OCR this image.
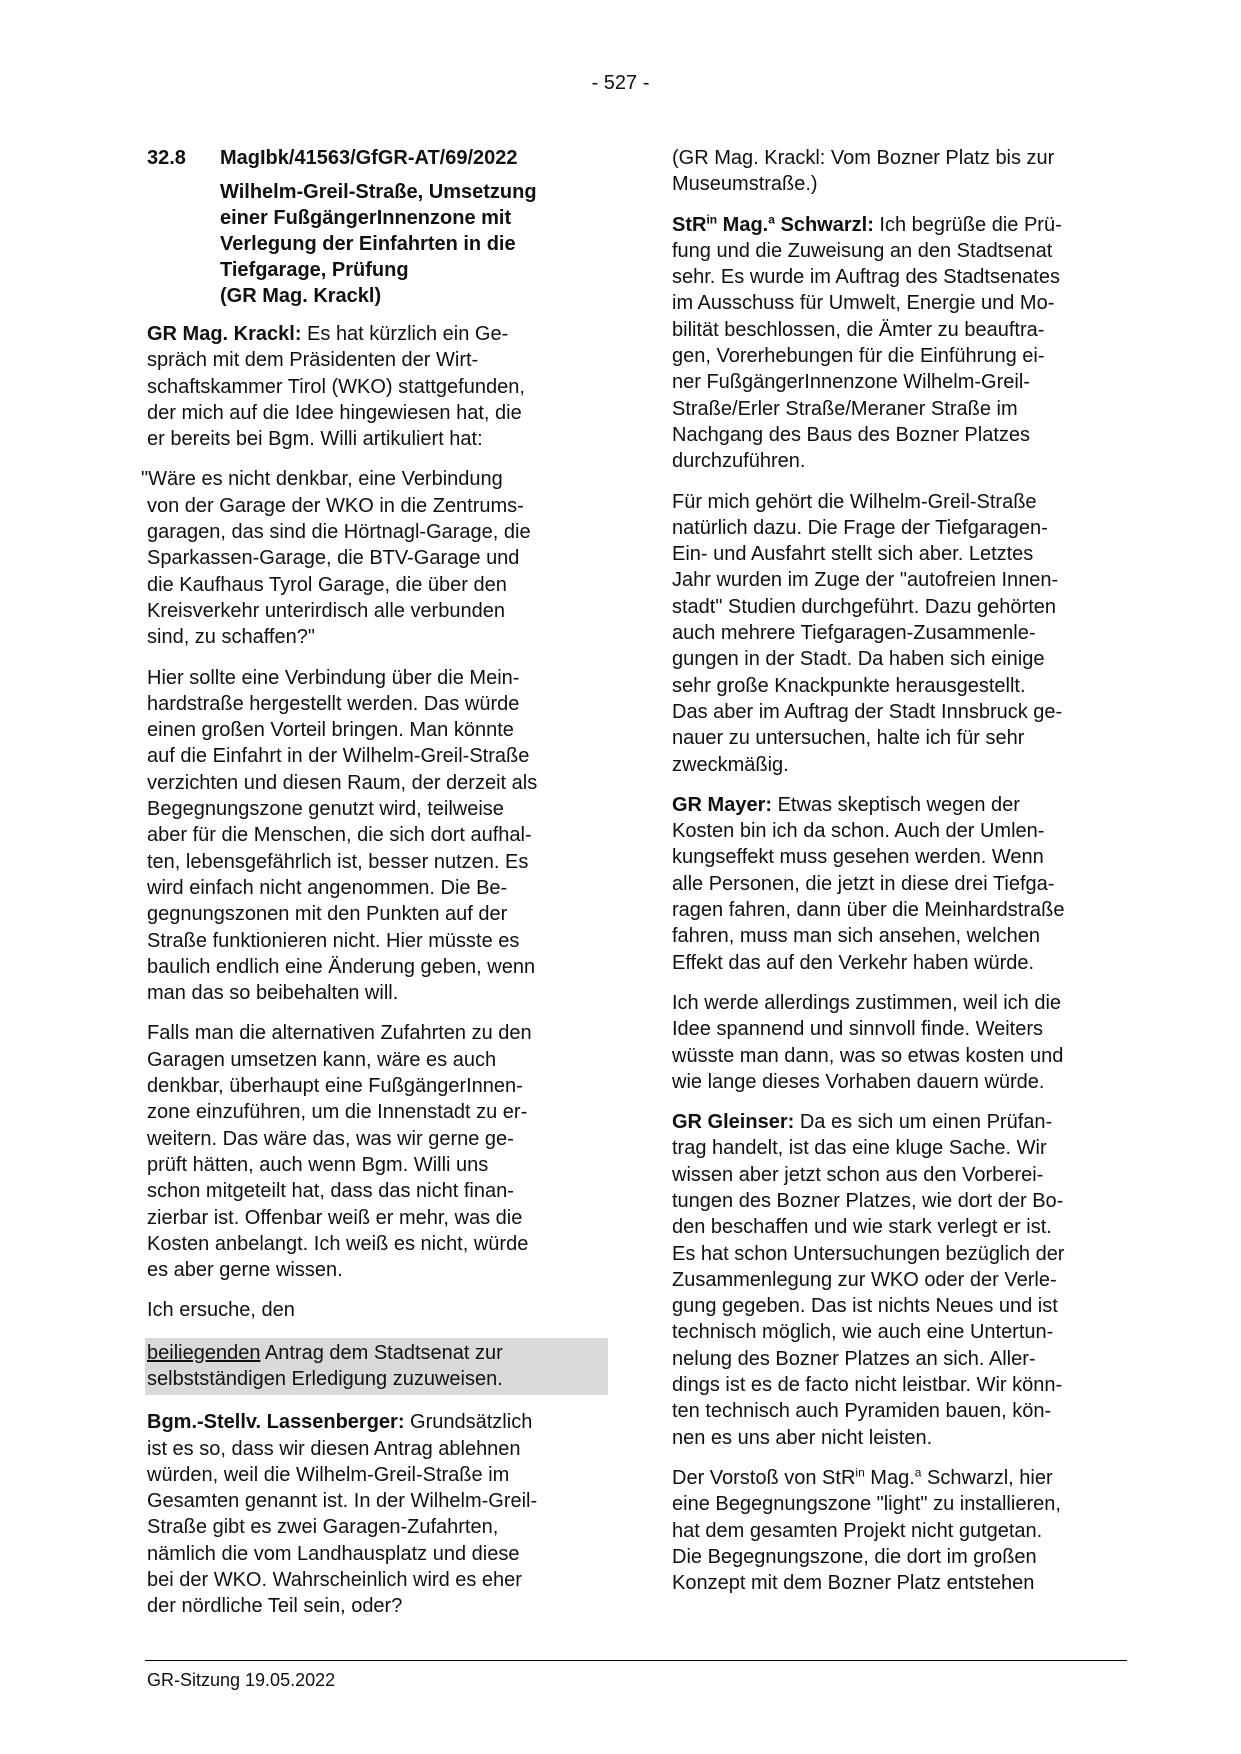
- 527 -
32.8	MagIbk/41563/GfGR-AT/69/2022
Wilhelm-Greil-Straße, Umsetzung
einer FußgängerInnenzone mit
Verlegung der Einfahrten in die
Tiefgarage, Prüfung
(GR Mag. Krackl)

GR Mag. Krackl: Es hat kürzlich ein Ge-
spräch mit dem Präsidenten der Wirt-
schaftskammer Tirol (WKO) stattgefunden,
der mich auf die Idee hingewiesen hat, die
er bereits bei Bgm. Willi artikuliert hat:

"Wäre es nicht denkbar, eine Verbindung
von der Garage der WKO in die Zentrums-
garagen, das sind die Hörtnagl-Garage, die
Sparkassen-Garage, die BTV-Garage und
die Kaufhaus Tyrol Garage, die über den
Kreisverkehr unterirdisch alle verbunden
sind, zu schaffen?"

Hier sollte eine Verbindung über die Mein-
hardstraße hergestellt werden. Das würde
einen großen Vorteil bringen. Man könnte
auf die Einfahrt in der Wilhelm-Greil-Straße
verzichten und diesen Raum, der derzeit als
Begegnungszone genutzt wird, teilweise
aber für die Menschen, die sich dort aufhal-
ten, lebensgefährlich ist, besser nutzen. Es
wird einfach nicht angenommen. Die Be-
gegnungszonen mit den Punkten auf der
Straße funktionieren nicht. Hier müsste es
baulich endlich eine Änderung geben, wenn
man das so beibehalten will.

Falls man die alternativen Zufahrten zu den
Garagen umsetzen kann, wäre es auch
denkbar, überhaupt eine FußgängerInnen-
zone einzuführen, um die Innenstadt zu er-
weitern. Das wäre das, was wir gerne ge-
prüft hätten, auch wenn Bgm. Willi uns
schon mitgeteilt hat, dass das nicht finan-
zierbar ist. Offenbar weiß er mehr, was die
Kosten anbelangt. Ich weiß es nicht, würde
es aber gerne wissen.

Ich ersuche, den

beiliegenden Antrag dem Stadtsenat zur
selbstständigen Erledigung zuzuweisen.

Bgm.-Stellv. Lassenberger: Grundsätzlich
ist es so, dass wir diesen Antrag ablehnen
würden, weil die Wilhelm-Greil-Straße im
Gesamten genannt ist. In der Wilhelm-Greil-
Straße gibt es zwei Garagen-Zufahrten,
nämlich die vom Landhausplatz und diese
bei der WKO. Wahrscheinlich wird es eher
der nördliche Teil sein, oder?

(GR Mag. Krackl: Vom Bozner Platz bis zur
Museumstraße.)

StR$^{in}$ Mag.$^a$ Schwarzl: Ich begrüße die Prü-
fung und die Zuweisung an den Stadtsenat
sehr. Es wurde im Auftrag des Stadtsenates
im Ausschuss für Umwelt, Energie und Mo-
bilität beschlossen, die Ämter zu beauftra-
gen, Vorerhebungen für die Einführung ei-
ner FußgängerInnenzone Wilhelm-Greil-
Straße/Erler Straße/Meraner Straße im
Nachgang des Baus des Bozner Platzes
durchzuführen.

Für mich gehört die Wilhelm-Greil-Straße
natürlich dazu. Die Frage der Tiefgaragen-
Ein- und Ausfahrt stellt sich aber. Letztes
Jahr wurden im Zuge der "autofreien Innen-
stadt" Studien durchgeführt. Dazu gehörten
auch mehrere Tiefgaragen-Zusammenle-
gungen in der Stadt. Da haben sich einige
sehr große Knackpunkte herausgestellt.
Das aber im Auftrag der Stadt Innsbruck ge-
nauer zu untersuchen, halte ich für sehr
zweckmäßig.

GR Mayer: Etwas skeptisch wegen der
Kosten bin ich da schon. Auch der Umlen-
kungseffekt muss gesehen werden. Wenn
alle Personen, die jetzt in diese drei Tiefga-
ragen fahren, dann über die Meinhardstraße
fahren, muss man sich ansehen, welchen
Effekt das auf den Verkehr haben würde.

Ich werde allerdings zustimmen, weil ich die
Idee spannend und sinnvoll finde. Weiters
wüsste man dann, was so etwas kosten und
wie lange dieses Vorhaben dauern würde.

GR Gleinser: Da es sich um einen Prüfan-
trag handelt, ist das eine kluge Sache. Wir
wissen aber jetzt schon aus den Vorberei-
tungen des Bozner Platzes, wie dort der Bo-
den beschaffen und wie stark verlegt er ist.
Es hat schon Untersuchungen bezüglich der
Zusammenlegung zur WKO oder der Verle-
gung gegeben. Das ist nichts Neues und ist
technisch möglich, wie auch eine Untertun-
nelung des Bozner Platzes an sich. Aller-
dings ist es de facto nicht leistbar. Wir könn-
ten technisch auch Pyramiden bauen, kön-
nen es uns aber nicht leisten.

Der Vorstoß von StR$^{in}$ Mag.$^a$ Schwarzl, hier
eine Begegnungszone "light" zu installieren,
hat dem gesamten Projekt nicht gutgetan.
Die Begegnungszone, die dort im großen
Konzept mit dem Bozner Platz entstehen

GR-Sitzung 19.05.2022
